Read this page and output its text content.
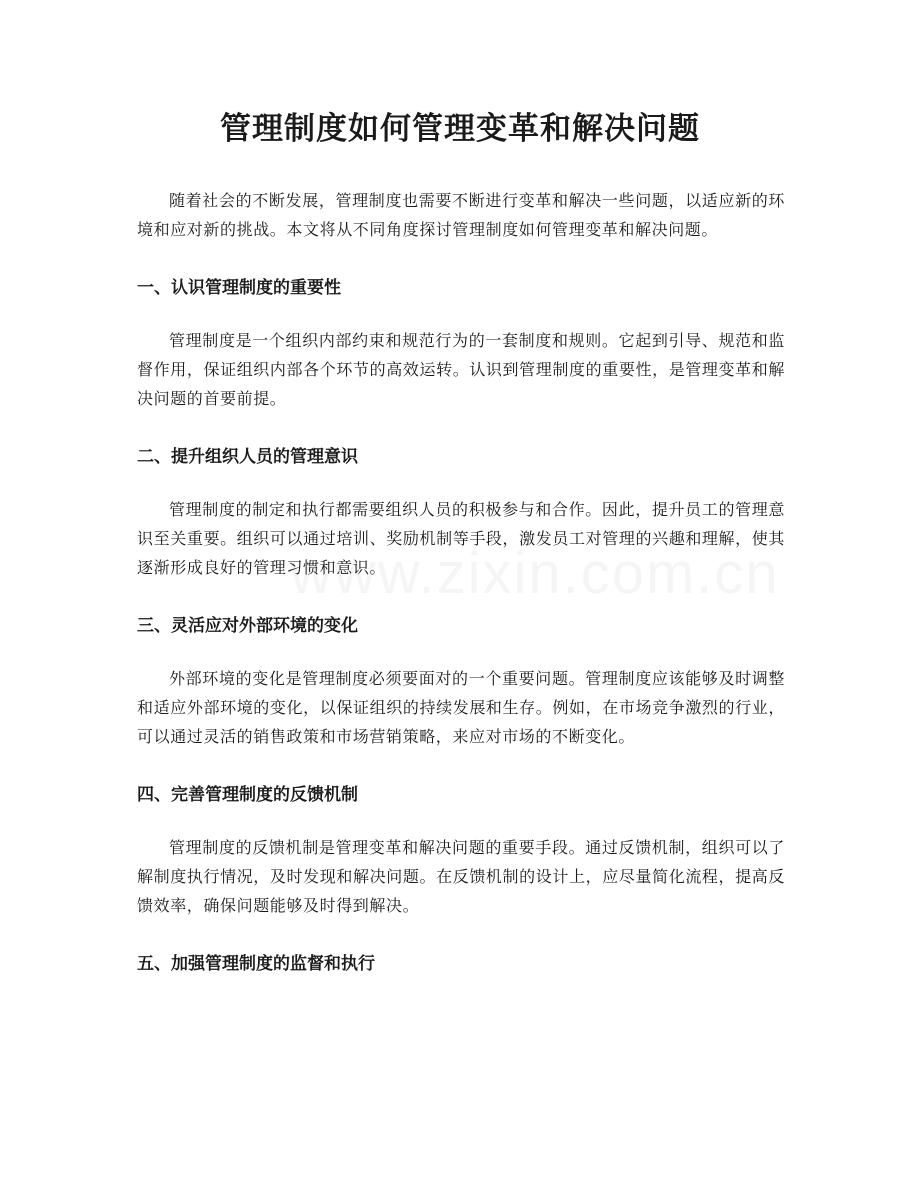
管理制度如何管理变革和解决问题

随着社会的不断发展，管理制度也需要不断进行变革和解决一些问题，以适应新的环境和应对新的挑战。本文将从不同角度探讨管理制度如何管理变革和解决问题。

一、认识管理制度的重要性

管理制度是一个组织内部约束和规范行为的一套制度和规则。它起到引导、规范和监督作用，保证组织内部各个环节的高效运转。认识到管理制度的重要性，是管理变革和解决问题的首要前提。

二、提升组织人员的管理意识

管理制度的制定和执行都需要组织人员的积极参与和合作。因此，提升员工的管理意识至关重要。组织可以通过培训、奖励机制等手段，激发员工对管理的兴趣和理解，使其逐渐形成良好的管理习惯和意识。

三、灵活应对外部环境的变化

外部环境的变化是管理制度必须要面对的一个重要问题。管理制度应该能够及时调整和适应外部环境的变化，以保证组织的持续发展和生存。例如，在市场竞争激烈的行业，可以通过灵活的销售政策和市场营销策略，来应对市场的不断变化。

四、完善管理制度的反馈机制

管理制度的反馈机制是管理变革和解决问题的重要手段。通过反馈机制，组织可以了解制度执行情况，及时发现和解决问题。在反馈机制的设计上，应尽量简化流程，提高反馈效率，确保问题能够及时得到解决。

五、加强管理制度的监督和执行
